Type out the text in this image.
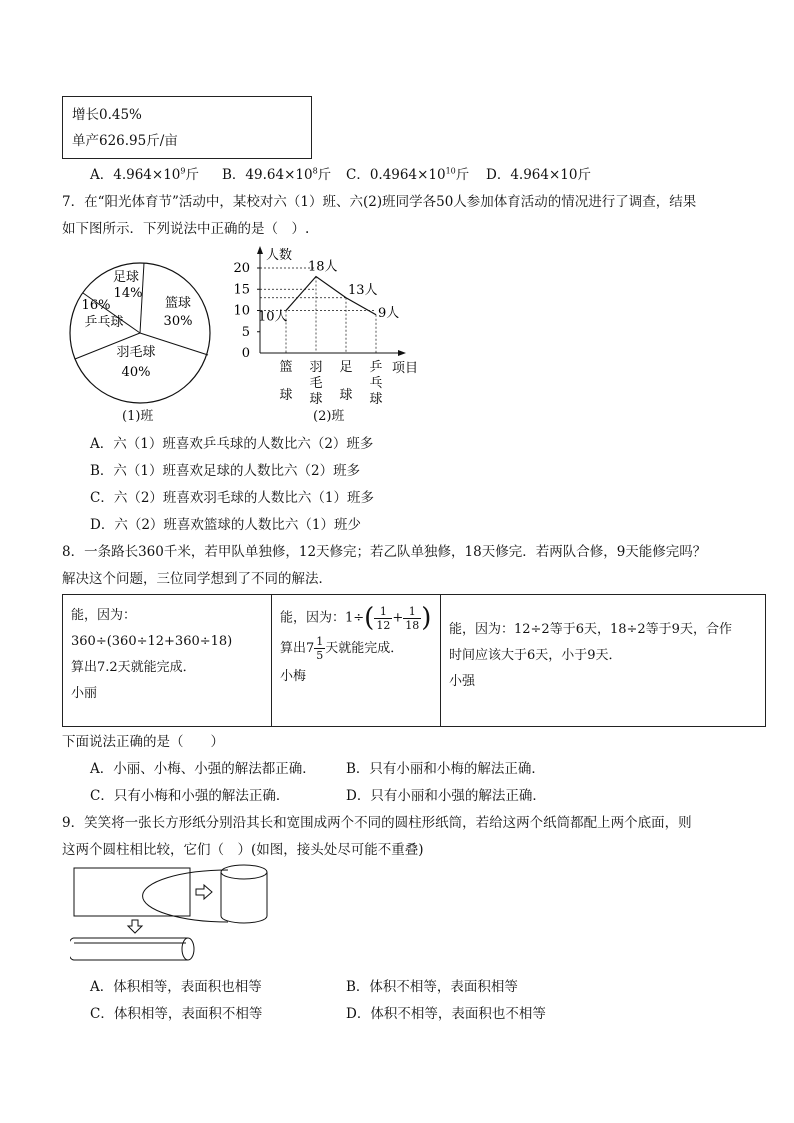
增长0.45%
单产626.95斤/亩
A．$4.964\times 10^9$斤 B．$49.64\times 10^8$斤 C．$0.4964\times 10^{10}$斤 D．4.964×10斤
7．在“阳光体育节”活动中，某校对六（1）班、六(2)班同学各50人参加体育活动的情况进行了调查，结果
如下图所示．下列说法中正确的是（　）.
足球
14%
篮球
30%
羽毛球
40%
16%
乒乓球
(1)班
人数
0
5
10
15
20
10人
18人
13人
9人
篮
球
羽
毛
球
足
球
乒
乓
球
项目
(2)班
A．六（1）班喜欢乒乓球的人数比六（2）班多
B．六（1）班喜欢足球的人数比六（2）班多
C．六（2）班喜欢羽毛球的人数比六（1）班多
D．六（2）班喜欢篮球的人数比六（1）班少
8．一条路长360千米，若甲队单独修，12天修完；若乙队单独修，18天修完．若两队合修，9天能修完吗？
解决这个问题，三位同学想到了不同的解法．
能，因为：
360÷(360÷12+360÷18)
算出7.2天就能完成．
小丽

能，因为：$1\div( \frac{1}{12} + \frac{1}{18}$ )
算出$7 \frac{1}{5}$ 天就能完成．
小梅

能，因为：12÷2等于6天，18÷2等于9天，合作
时间应该大于6天，小于9天．
小强
下面说法正确的是（　　）
A．小丽、小梅、小强的解法都正确． B．只有小丽和小梅的解法正确．
C．只有小梅和小强的解法正确．	D．只有小丽和小强的解法正确．
9．笑笑将一张长方形纸分别沿其长和宽围成两个不同的圆柱形纸筒，若给这两个纸筒都配上两个底面，则
这两个圆柱相比较，它们（　）(如图，接头处尽可能不重叠)
A．体积相等，表面积也相等	B．体积不相等，表面积相等
C．体积相等，表面积不相等	D．体积不相等，表面积也不相等
